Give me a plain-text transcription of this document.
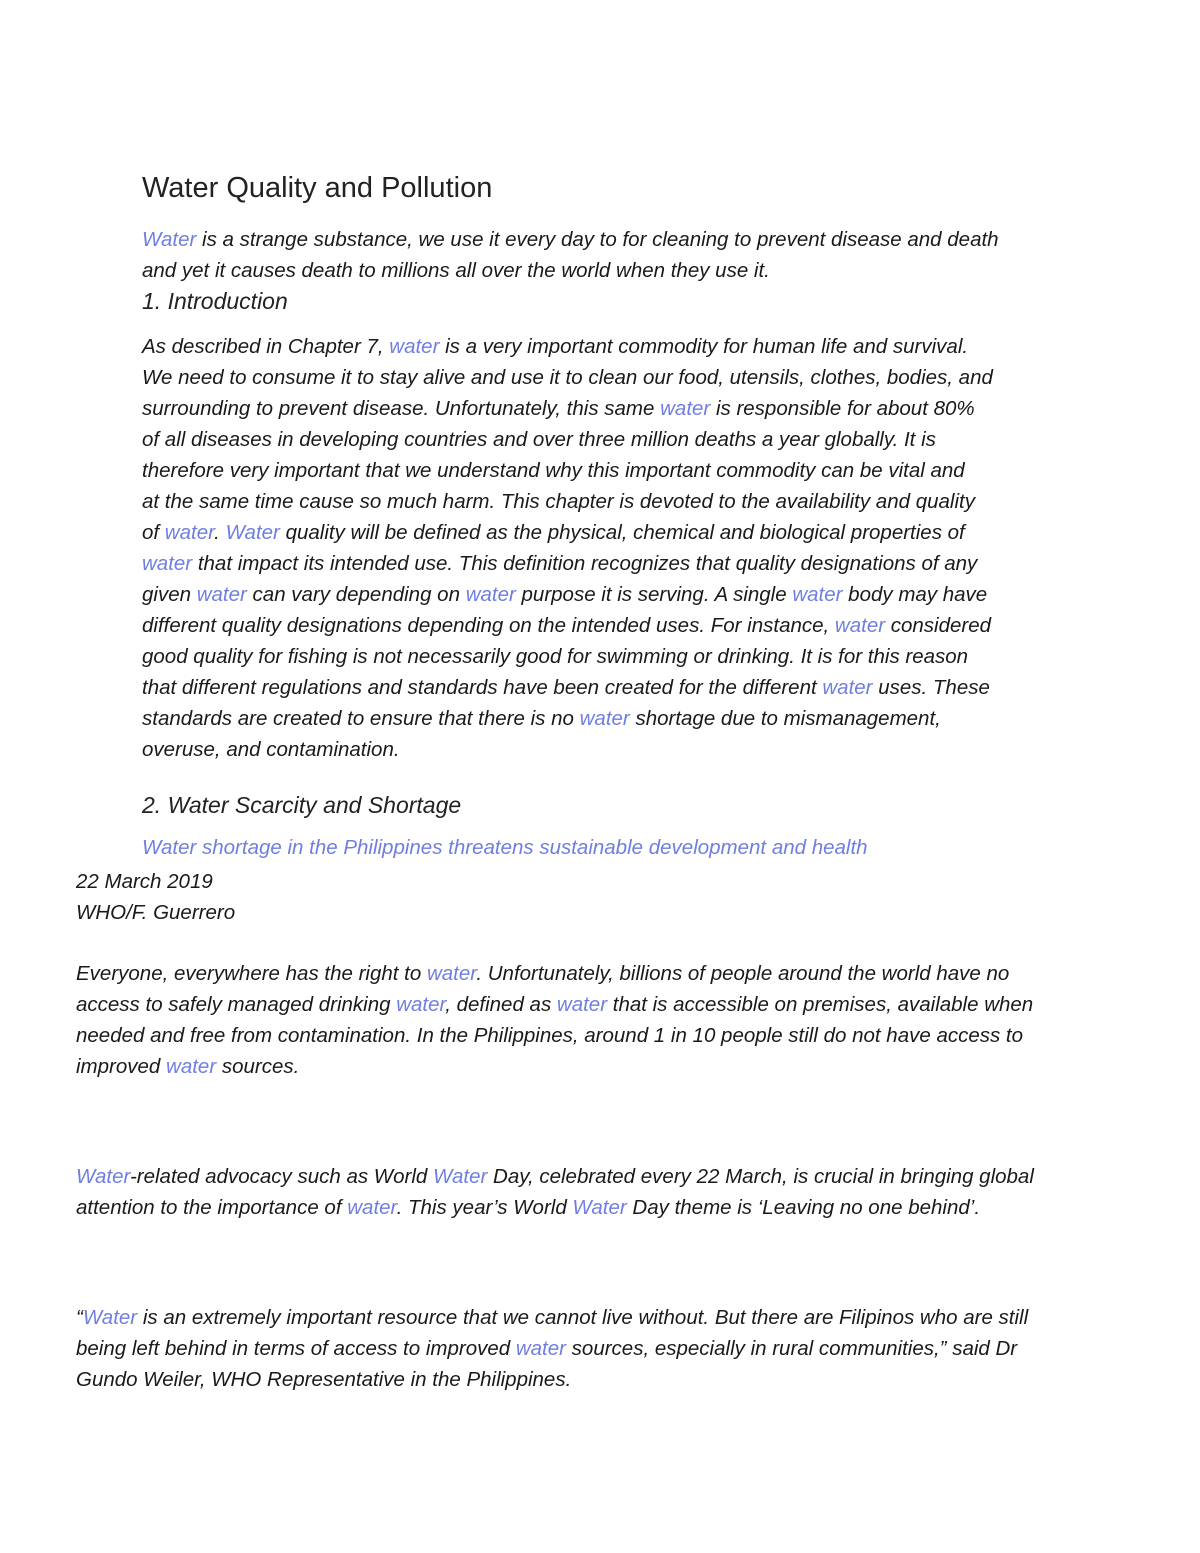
Water Quality and Pollution
Water is a strange substance, we use it every day to for cleaning to prevent disease and death
and yet it causes death to millions all over the world when they use it.
1. Introduction
As described in Chapter 7, water is a very important commodity for human life and survival.
We need to consume it to stay alive and use it to clean our food, utensils, clothes, bodies, and
surrounding to prevent disease. Unfortunately, this same water is responsible for about 80%
of all diseases in developing countries and over three million deaths a year globally. It is
therefore very important that we understand why this important commodity can be vital and
at the same time cause so much harm. This chapter is devoted to the availability and quality
of water. Water quality will be defined as the physical, chemical and biological properties of
water that impact its intended use. This definition recognizes that quality designations of any
given water can vary depending on water purpose it is serving. A single water body may have
different quality designations depending on the intended uses. For instance, water considered
good quality for fishing is not necessarily good for swimming or drinking. It is for this reason
that different regulations and standards have been created for the different water uses. These
standards are created to ensure that there is no water shortage due to mismanagement,
overuse, and contamination.
2. Water Scarcity and Shortage
Water shortage in the Philippines threatens sustainable development and health
22 March 2019
WHO/F. Guerrero
Everyone, everywhere has the right to water. Unfortunately, billions of people around the world have no
access to safely managed drinking water, defined as water that is accessible on premises, available when
needed and free from contamination. In the Philippines, around 1 in 10 people still do not have access to
improved water sources.
Water-related advocacy such as World Water Day, celebrated every 22 March, is crucial in bringing global
attention to the importance of water. This year’s World Water Day theme is ‘Leaving no one behind’.
“Water is an extremely important resource that we cannot live without. But there are Filipinos who are still
being left behind in terms of access to improved water sources, especially in rural communities,” said Dr
Gundo Weiler, WHO Representative in the Philippines.
